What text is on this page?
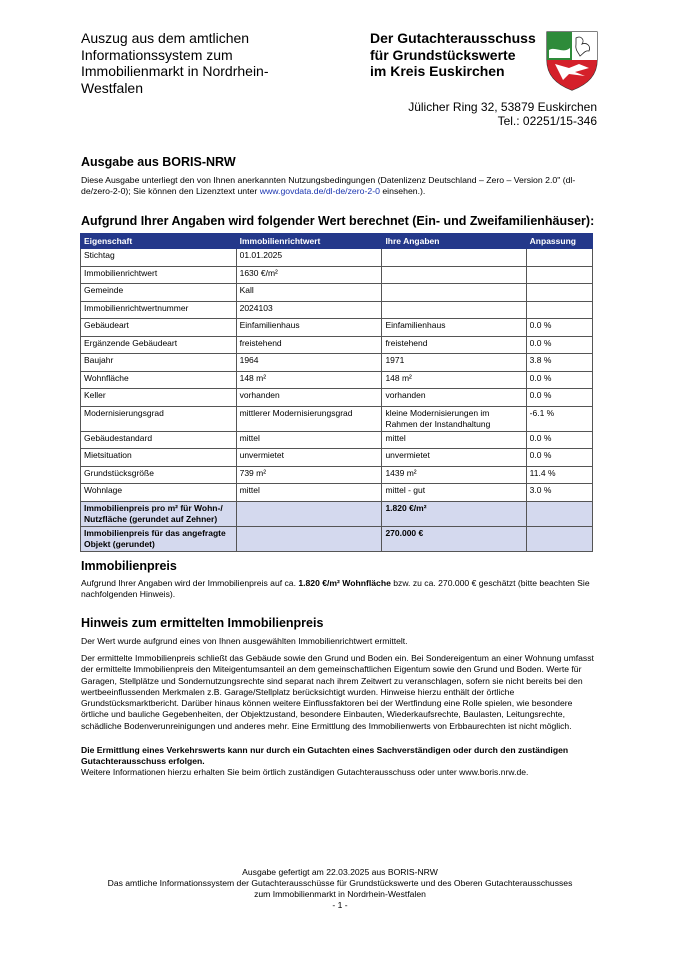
Auszug aus dem amtlichen
Informationssystem zum
Immobilienmarkt in Nordrhein-
Westfalen
Der Gutachterausschuss
für Grundstückswerte
im Kreis Euskirchen
Jülicher Ring 32, 53879 Euskirchen
Tel.: 02251/15-346
Ausgabe aus BORIS-NRW
Diese Ausgabe unterliegt den von Ihnen anerkannten Nutzungsbedingungen (Datenlizenz Deutschland – Zero – Version 2.0" (dl-de/zero-2-0); Sie können den Lizenztext unter www.govdata.de/dl-de/zero-2-0 einsehen.).
Aufgrund Ihrer Angaben wird folgender Wert berechnet (Ein- und Zweifamilienhäuser):
Eigenschaft	Immobilienrichtwert	Ihre Angaben	Anpassung
Stichtag	01.01.2025		
Immobilienrichtwert	1630 €/m²		
Gemeinde	Kall		
Immobilienrichtwertnummer	2024103		
Gebäudeart	Einfamilienhaus	Einfamilienhaus	0.0 %
Ergänzende Gebäudeart	freistehend	freistehend	0.0 %
Baujahr	1964	1971	3.8 %
Wohnfläche	148 m²	148 m²	0.0 %
Keller	vorhanden	vorhanden	0.0 %
Modernisierungsgrad	mittlerer Modernisierungsgrad	kleine Modernisierungen im Rahmen der Instandhaltung	-6.1 %
Gebäudestandard	mittel	mittel	0.0 %
Mietsituation	unvermietet	unvermietet	0.0 %
Grundstücksgröße	739 m²	1439 m²	11.4 %
Wohnlage	mittel	mittel - gut	3.0 %
Immobilienpreis pro m² für Wohn-/ Nutzfläche (gerundet auf Zehner)		1.820 €/m²	
Immobilienpreis für das angefragte Objekt (gerundet)		270.000 €	
Immobilienpreis
Aufgrund Ihrer Angaben wird der Immobilienpreis auf ca. 1.820 €/m² Wohnfläche bzw. zu ca. 270.000 € geschätzt (bitte beachten Sie nachfolgenden Hinweis).
Hinweis zum ermittelten Immobilienpreis
Der Wert wurde aufgrund eines von Ihnen ausgewählten Immobilienrichtwert ermittelt.
Der ermittelte Immobilienpreis schließt das Gebäude sowie den Grund und Boden ein. Bei Sondereigentum an einer Wohnung umfasst der ermittelte Immobilienpreis den Miteigentumsanteil an dem gemeinschaftlichen Eigentum sowie den Grund und Boden. Werte für Garagen, Stellplätze und Sondernutzungsrechte sind separat nach ihrem Zeitwert zu veranschlagen, sofern sie nicht bereits bei den wertbeeinflussenden Merkmalen z.B. Garage/Stellplatz berücksichtigt wurden. Hinweise hierzu enthält der örtliche Grundstücksmarktbericht. Darüber hinaus können weitere Einflussfaktoren bei der Wertfindung eine Rolle spielen, wie besondere örtliche und bauliche Gegebenheiten, der Objektzustand, besondere Einbauten, Wiederkaufsrechte, Baulasten, Leitungsrechte, schädliche Bodenverunreinigungen und anderes mehr. Eine Ermittlung des Immobilienwerts von Erbbaurechten ist nicht möglich.
Die Ermittlung eines Verkehrswerts kann nur durch ein Gutachten eines Sachverständigen oder durch den zuständigen Gutachterausschuss erfolgen.
Weitere Informationen hierzu erhalten Sie beim örtlich zuständigen Gutachterausschuss oder unter www.boris.nrw.de.
Ausgabe gefertigt am 22.03.2025 aus BORIS-NRW
Das amtliche Informationssystem der Gutachterausschüsse für Grundstückswerte und des Oberen Gutachterausschusses
zum Immobilienmarkt in Nordrhein-Westfalen
- 1 -
